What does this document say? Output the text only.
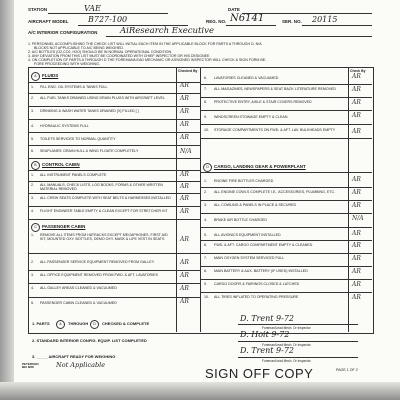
STATION	VAE	DATE
AIRCRAFT MODEL B727-100	REG. NO. N6141	SER. NO. 20115
A/C INTERIOR CONFIGURATION	AiResearch Executive
1. PERSONNEL ACCOMPLISHING THE CHECK LIST WILL INITIAL EACH ITEM IN THE APPLICABLE BLOCK FOR PARTS A THROUGH D. N/A
BLOCKS NOT APPLICABLE TO A/C BEING WEIGHED.
2. A/C BOTTLES (O2,CO2, H2O) SHOULD BE IN NORMAL OPERATIONAL CONDITION.
3. ANY DEVIATION FROM THIS LIST MUST BE COORDINATED WITH CHIEF INSPECTOR OR HIS DESIGNEE.
4. ON COMPLETION OF PARTS A THROUGH D THE FOREMAN/LEAD MECHANIC OR ASSIGNED INSPECTOR WILL CHECK & SIGN FORM BE-
FORE PROCEEDING WITH WEIGHING.
Checked By	Check By
A	FLUIDS
1. FILL ENG. OIL SYSTEMS & TANKS FULL	AR
2. ALL FUEL TANKS DRAINED USING DRAIN PLUGS WITH AIRCRAFT LEVEL	AR
3. DRINKING & WASH WATER TANKS DRAINED [X] FILLED [ ]	AR
4. HYDRAULIC SYSTEMS FULL	AR
5. TOILETS SERVICED TO NORMAL QUANTITY	AR
6. SEAPLANES: DRAIN HULL & WING FLOATE COMPLETELY	N/A
B	CONTROL CABIN
1. ALL INSTRUMENT PANELS COMPLETE	AR
2. ALL MANUALS, CHECK LISTS, LOG BOOKS, FORMS & OTHER WRITTEN MATERIAL REMOVED	AR
3. ALL CREW SEATS COMPLETE WITH SEAT BELTS & HARNESSES INSTALLED AR
4. FLIGHT ENGINEER TABLE EMPTY & CLEAN EXCEPT FOR STRETCHER KIT AR
C	PASSENGER CABIN
1. REMOVE ALL ITEMS FROM HATRACKS EXCEPT MEGAPHONES, FIRST AID KIT, MOUNTED OXY. BOTTLES, DEMO OXY. MASK & LIFE VEST IN SEATS	AR
2. ALL PASSENGER SERVICE EQUIPMENT REMOVED FROM GALLEY	AR
3. ALL OFFICE EQUIPMENT REMOVED FROM FWD. & AFT. LAVATORIES	AR
4. ALL GALLEY AREAS CLEANED & VACUUMED	AR
5. PASSENGER CABIN CLEANED & VACUUMED	AR
6. LAVATORIES CLEANED & VACUUMED	AR
7. ALL MAGAZINES, NEWSPAPERS & SEAT BACK LITERATURE REMOVED	AR
8. PROTECTIVE ENTRY, AISLE & STAIR COVERS REMOVED	AR
9. WINDSCREEN STOWAGE EMPTY & CLEAN	AR
10. STORAGE COMPARTMENTS ON FWD. & AFT. LAV. BULKHEADS EMPTY	AR
D	CARGO, LANDING GEAR & POWERPLANT
1. ENGINE FIRE BOTTLES CHARGED	AR
2. ALL ENGINE COWLS COMPLETE I.E., ACCESSORIES, PLUMBING, ETC.	AR
3. ALL COWLING & PANELS IN PLACE & SECURED	AR
4. BRAKE AIR BOTTLE CHARGED	N/A
5. ALL AVIONICS EQUIPMENT INSTALLED	AR
6. FWD. & AFT. CARGO COMPARTMENT EMPTY & CLEANED	AR
7. MAIN OXYGEN SYSTEM SERVICED FULL	AR
8. MAIN BATTERY & AUX. BATTERY (IF USED) INSTALLED	AR
9. CARGO DOORS & FAIRINGS CLOSED & LATCHED	AR
10. ALL TIRES INFLATED TO OPERATING PRESSURE	AR
1. PARTS	A	THROUGH	D	CHECKED & COMPLETE
D. Trent 9-72
Foreman/Lead Mech. Or Inspector
2. STANDARD INTERIOR CONFIG. EQUIP. LIST COMPLETED
D. Hoit 9-72
Foreman/Lead Mech. Or Inspector
3. _____ AIRCRAFT READY FOR WEIGHING
Not Applicable
D. Trent 9-72
Foreman/Lead Mech. Or Inspector
PETERSON BEI 8/68	SIGN OFF COPY	PAGE 1 OF 2
